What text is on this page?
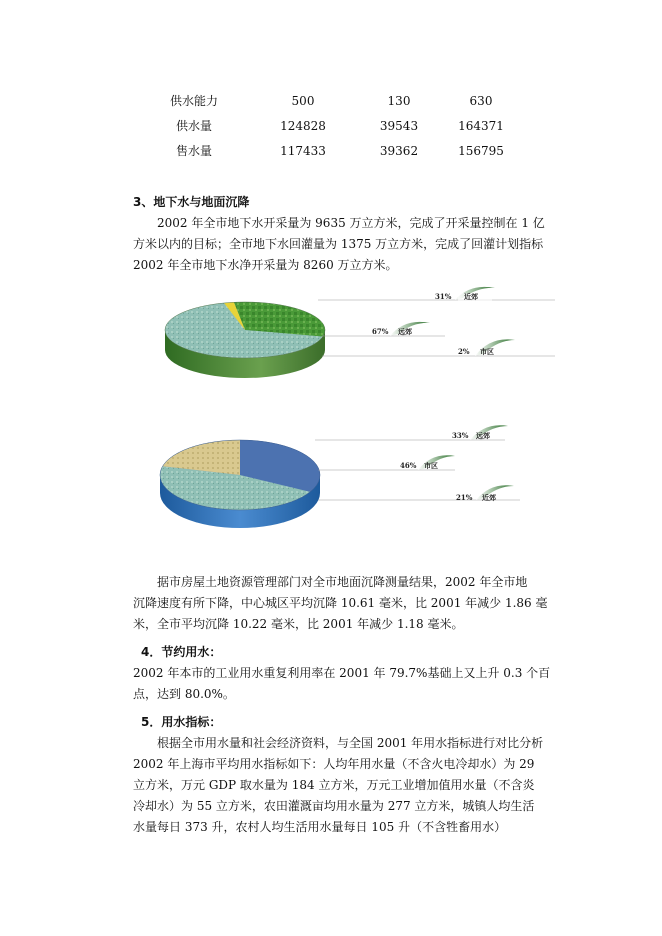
供水能力	500	130	630
供水量	124828	39543	164371
售水量	117433	39362	156795

3、地下水与地面沉降

2002 年全市地下水开采量为 9635 万立方米，完成了开采量控制在 1 亿

方米以内的目标；全市地下水回灌量为 1375 万立方米，完成了回灌计划指标

2002 年全市地下水净开采量为 8260 万立方米。

31% 近郊
67% 远郊
2% 市区
33% 远郊
46% 市区
21% 近郊

据市房屋土地资源管理部门对全市地面沉降测量结果，2002 年全市地

沉降速度有所下降，中心城区平均沉降 10.61 毫米，比 2001 年减少 1.86 毫

米，全市平均沉降 10.22 毫米，比 2001 年减少 1.18 毫米。

4．节约用水：

2002 年本市的工业用水重复利用率在 2001 年 79.7%基础上又上升 0.3 个百

点，达到 80.0%。

5．用水指标：

根据全市用水量和社会经济资料，与全国 2001 年用水指标进行对比分析

2002 年上海市平均用水指标如下：人均年用水量（不含火电冷却水）为 29

立方米，万元 GDP 取水量为 184 立方米，万元工业增加值用水量（不含炎

冷却水）为 55 立方米，农田灌溉亩均用水量为 277 立方米，城镇人均生活

水量每日 373 升，农村人均生活用水量每日 105 升（不含牲畜用水）
